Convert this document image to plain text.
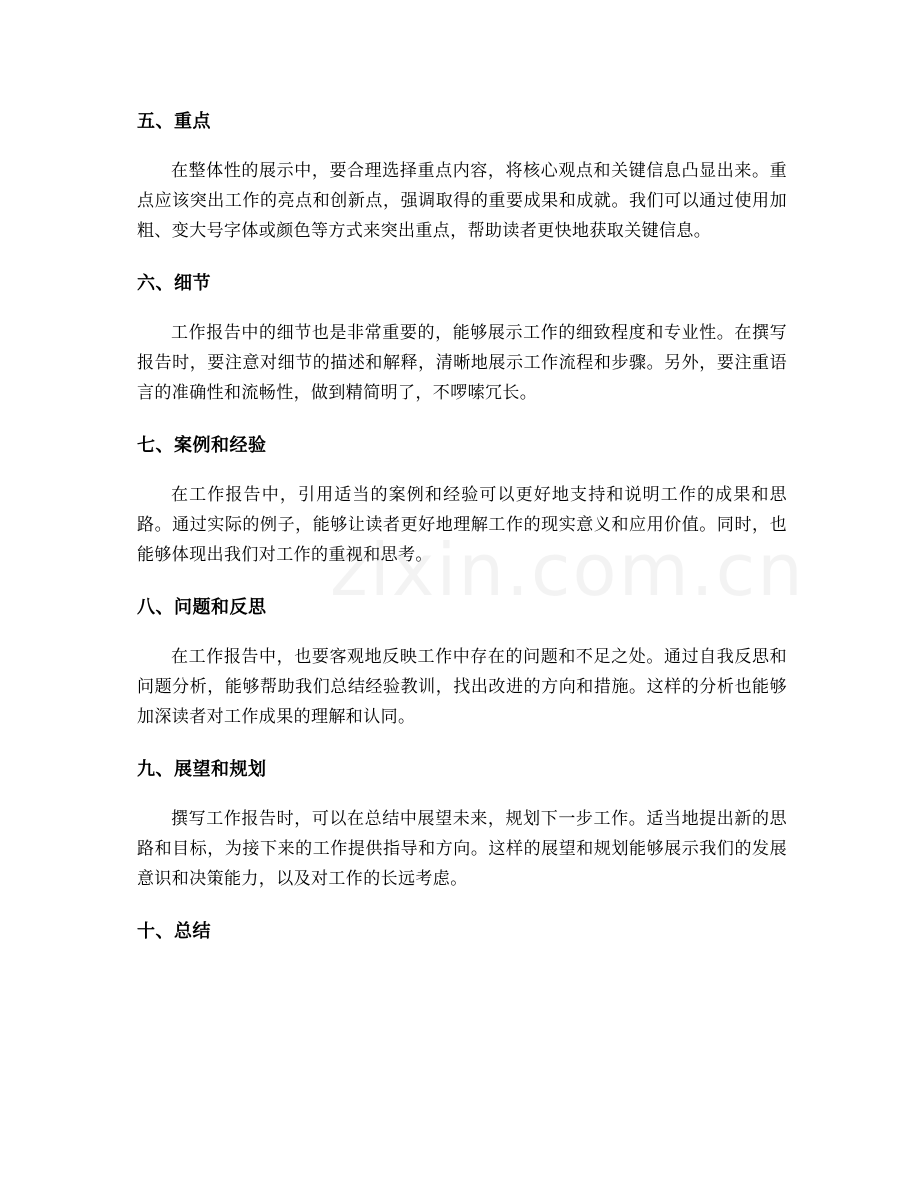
五、重点

在整体性的展示中，要合理选择重点内容，将核心观点和关键信息凸显出来。重点应该突出工作的亮点和创新点，强调取得的重要成果和成就。我们可以通过使用加粗、变大号字体或颜色等方式来突出重点，帮助读者更快地获取关键信息。

六、细节

工作报告中的细节也是非常重要的，能够展示工作的细致程度和专业性。在撰写报告时，要注意对细节的描述和解释，清晰地展示工作流程和步骤。另外，要注重语言的准确性和流畅性，做到精简明了，不啰嗦冗长。

七、案例和经验

在工作报告中，引用适当的案例和经验可以更好地支持和说明工作的成果和思路。通过实际的例子，能够让读者更好地理解工作的现实意义和应用价值。同时，也能够体现出我们对工作的重视和思考。

八、问题和反思

在工作报告中，也要客观地反映工作中存在的问题和不足之处。通过自我反思和问题分析，能够帮助我们总结经验教训，找出改进的方向和措施。这样的分析也能够加深读者对工作成果的理解和认同。

九、展望和规划

撰写工作报告时，可以在总结中展望未来，规划下一步工作。适当地提出新的思路和目标，为接下来的工作提供指导和方向。这样的展望和规划能够展示我们的发展意识和决策能力，以及对工作的长远考虑。

十、总结
